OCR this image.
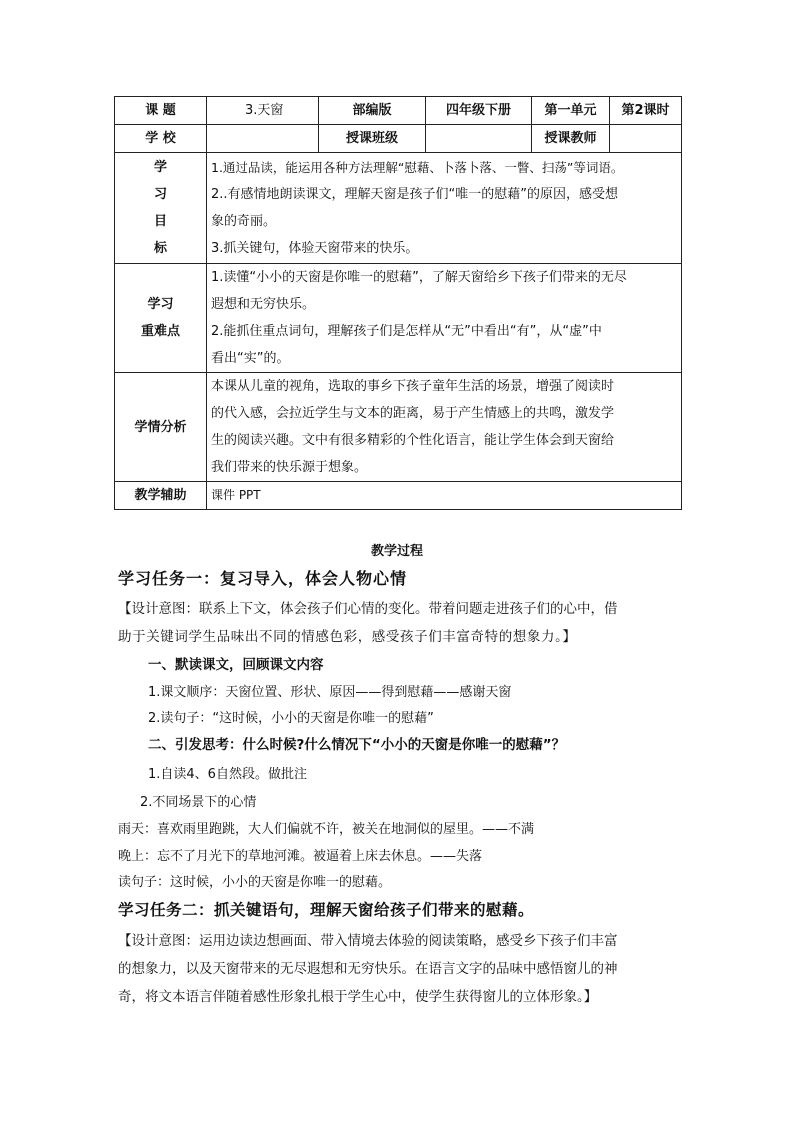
课 题	3.天窗	部编版	四年级下册	第一单元	第2课时
学 校		授课班级		授课教师	

学
习
目
标	1.通过品读，能运用各种方法理解“慰藉、卜落卜落、一瞥、扫荡”等词语。
2..有感情地朗读课文，理解天窗是孩子们“唯一的慰藉”的原因，感受想
象的奇丽。
3.抓关键句，体验天窗带来的快乐。				

学习
重难点	1.读懂“小小的天窗是你唯一的慰藉”，了解天窗给乡下孩子们带来的无尽
遐想和无穷快乐。
2.能抓住重点词句，理解孩子们是怎样从“无”中看出“有”，从“虚”中
看出“实”的。				

学情分析	本课从儿童的视角，选取的事乡下孩子童年生活的场景，增强了阅读时
的代入感，会拉近学生与文本的距离，易于产生情感上的共鸣，激发学
生的阅读兴趣。文中有很多精彩的个性化语言，能让学生体会到天窗给
我们带来的快乐源于想象。				

教学辅助	课件 PPT				
教学过程
学习任务一：复习导入，体会人物心情
【设计意图：联系上下文，体会孩子们心情的变化。带着问题走进孩子们的心中，借
助于关键词学生品味出不同的情感色彩，感受孩子们丰富奇特的想象力。】
一、默读课文，回顾课文内容
1.课文顺序：天窗位置、形状、原因——得到慰藉——感谢天窗
2.读句子：“这时候，小小的天窗是你唯一的慰藉”
二、引发思考：什么时候?什么情况下“小小的天窗是你唯一的慰藉”？
1.自读4、6自然段。做批注
2.不同场景下的心情
雨天：喜欢雨里跑跳，大人们偏就不许，被关在地洞似的屋里。——不满
晚上：忘不了月光下的草地河滩。被逼着上床去休息。——失落
读句子：这时候，小小的天窗是你唯一的慰藉。
学习任务二：抓关键语句，理解天窗给孩子们带来的慰藉。
【设计意图：运用边读边想画面、带入情境去体验的阅读策略，感受乡下孩子们丰富
的想象力，以及天窗带来的无尽遐想和无穷快乐。在语言文字的品味中感悟窗儿的神
奇，将文本语言伴随着感性形象扎根于学生心中，使学生获得窗儿的立体形象。】
